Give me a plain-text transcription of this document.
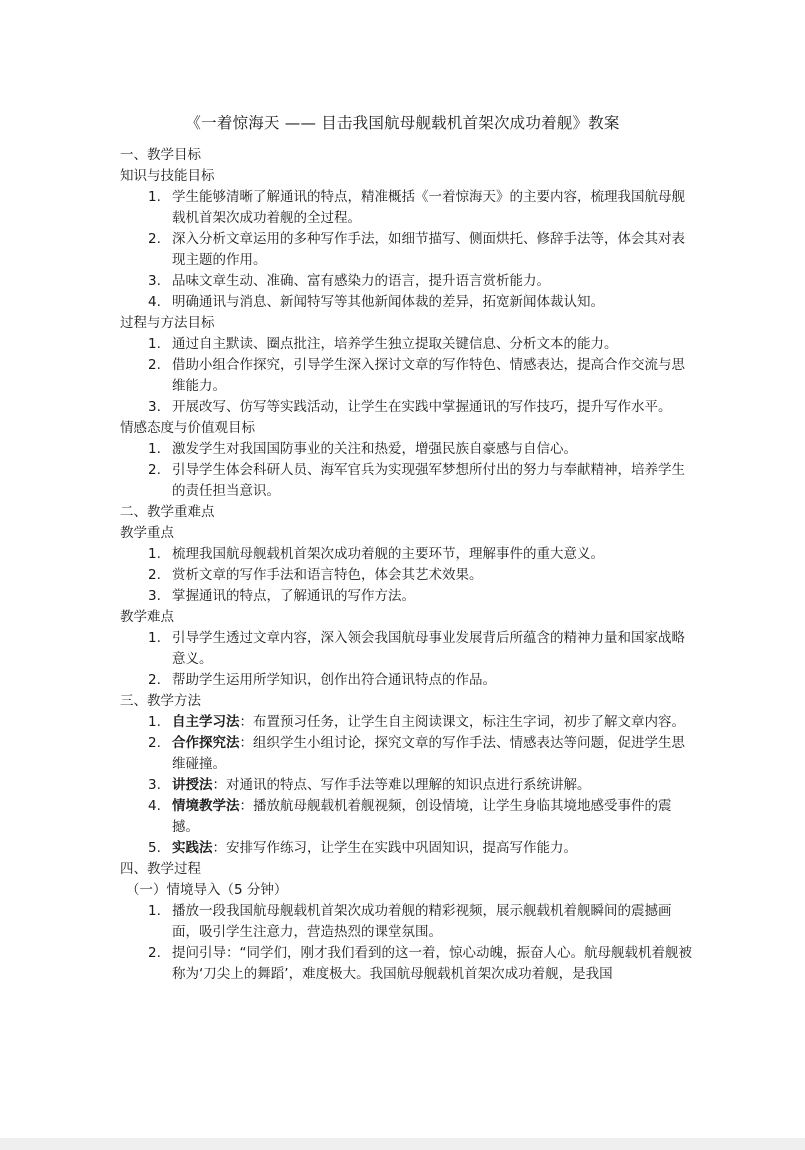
《一着惊海天 —— 目击我国航母舰载机首架次成功着舰》教案

一、教学目标

知识与技能目标

1. 学生能够清晰了解通讯的特点，精准概括《一着惊海天》的主要内容，梳理我国航母舰载机首架次成功着舰的全过程。
2. 深入分析文章运用的多种写作手法，如细节描写、侧面烘托、修辞手法等，体会其对表现主题的作用。
3. 品味文章生动、准确、富有感染力的语言，提升语言赏析能力。
4. 明确通讯与消息、新闻特写等其他新闻体裁的差异，拓宽新闻体裁认知。

过程与方法目标

1. 通过自主默读、圈点批注，培养学生独立提取关键信息、分析文本的能力。
2. 借助小组合作探究，引导学生深入探讨文章的写作特色、情感表达，提高合作交流与思维能力。
3. 开展改写、仿写等实践活动，让学生在实践中掌握通讯的写作技巧，提升写作水平。

情感态度与价值观目标

1. 激发学生对我国国防事业的关注和热爱，增强民族自豪感与自信心。
2. 引导学生体会科研人员、海军官兵为实现强军梦想所付出的努力与奉献精神，培养学生的责任担当意识。

二、教学重难点

教学重点

1. 梳理我国航母舰载机首架次成功着舰的主要环节，理解事件的重大意义。
2. 赏析文章的写作手法和语言特色，体会其艺术效果。
3. 掌握通讯的特点，了解通讯的写作方法。

教学难点

1. 引导学生透过文章内容，深入领会我国航母事业发展背后所蕴含的精神力量和国家战略意义。
2. 帮助学生运用所学知识，创作出符合通讯特点的作品。

三、教学方法

1. 自主学习法：布置预习任务，让学生自主阅读课文，标注生字词，初步了解文章内容。
2. 合作探究法：组织学生小组讨论，探究文章的写作手法、情感表达等问题，促进学生思维碰撞。
3. 讲授法：对通讯的特点、写作手法等难以理解的知识点进行系统讲解。
4. 情境教学法：播放航母舰载机着舰视频，创设情境，让学生身临其境地感受事件的震撼。
5. 实践法：安排写作练习，让学生在实践中巩固知识，提高写作能力。

四、教学过程

（一）情境导入（5 分钟）

1. 播放一段我国航母舰载机首架次成功着舰的精彩视频，展示舰载机着舰瞬间的震撼画面，吸引学生注意力，营造热烈的课堂氛围。
2. 提问引导：“同学们，刚才我们看到的这一着，惊心动魄，振奋人心。航母舰载机着舰被称为‘刀尖上的舞蹈’，难度极大。我国航母舰载机首架次成功着舰，是我国
